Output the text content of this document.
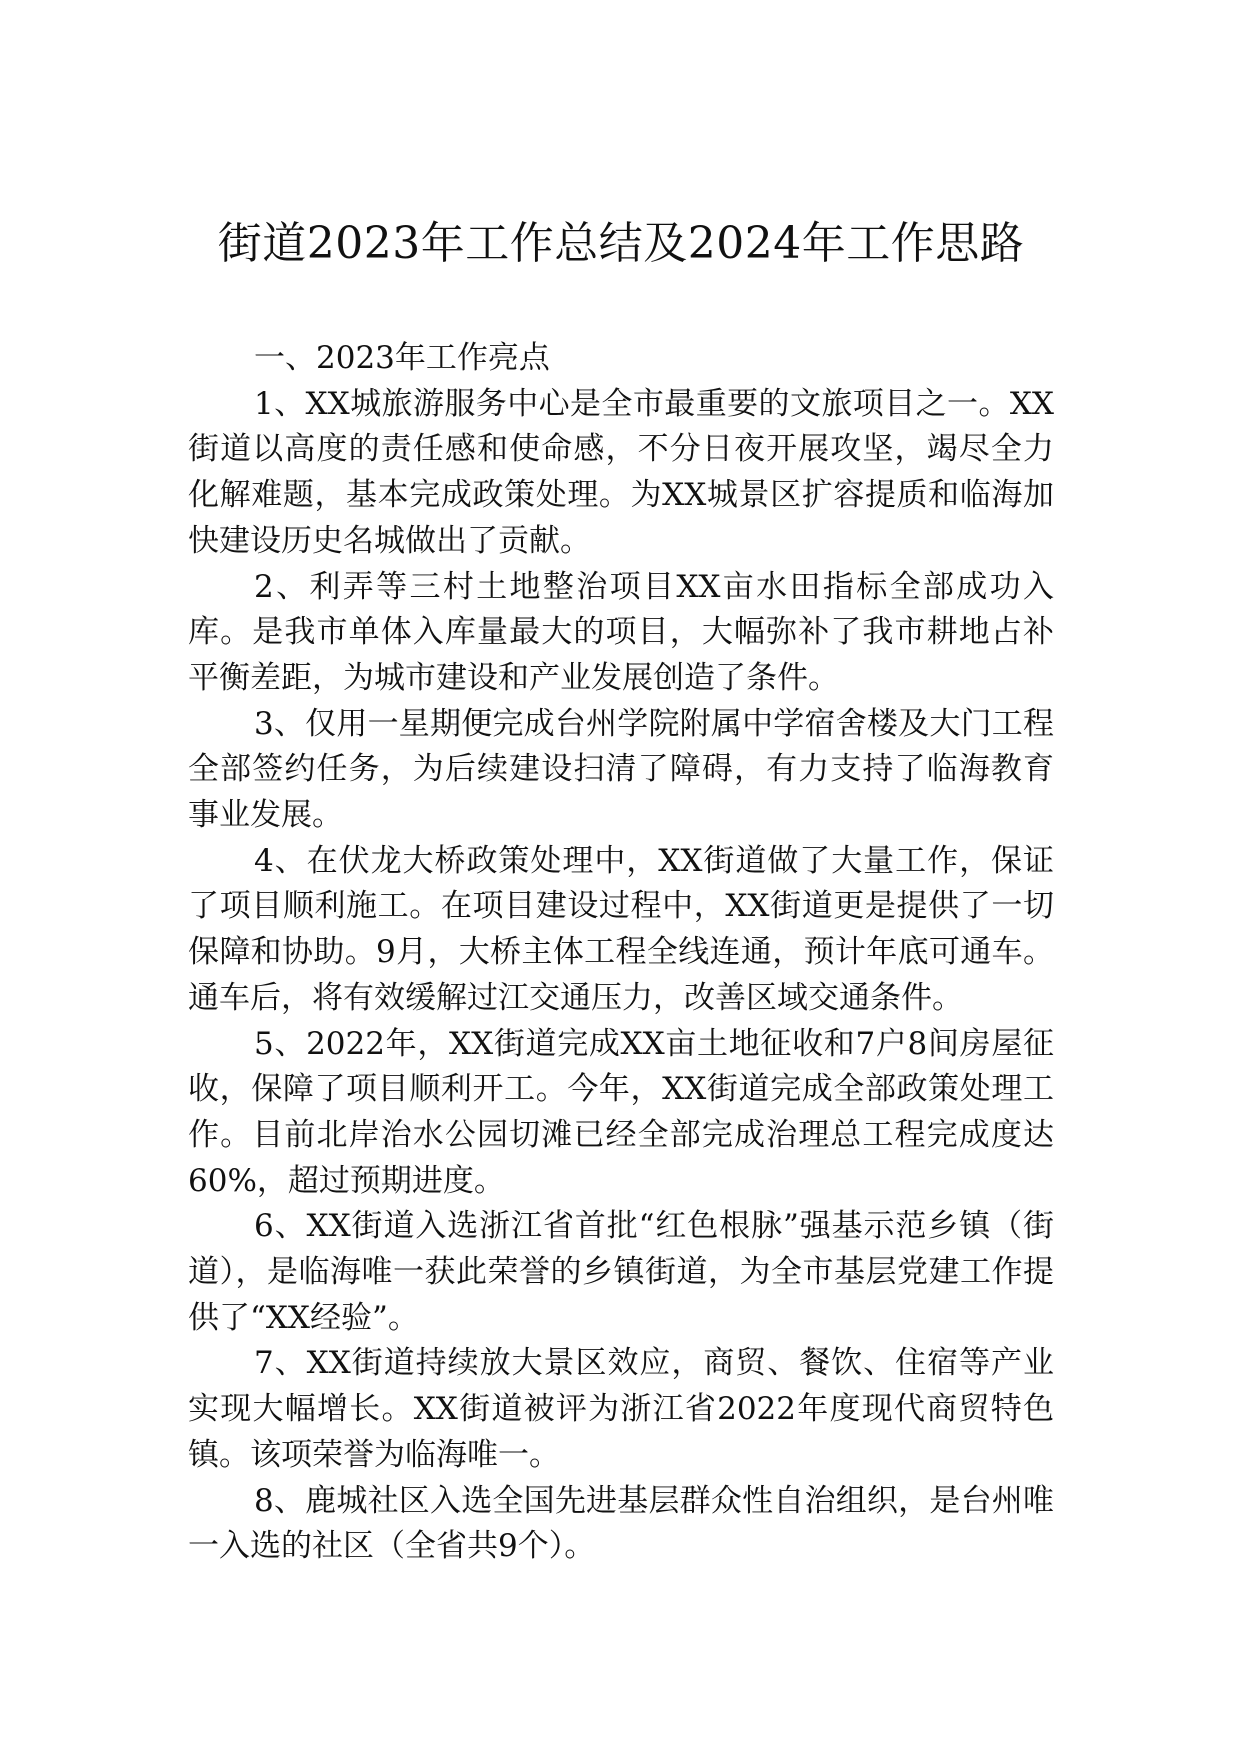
街道2023年工作总结及2024年工作思路

一、2023年工作亮点

1、XX城旅游服务中心是全市最重要的文旅项目之一。XX街道以高度的责任感和使命感，不分日夜开展攻坚，竭尽全力化解难题，基本完成政策处理。为XX城景区扩容提质和临海加快建设历史名城做出了贡献。

2、利弄等三村土地整治项目XX亩水田指标全部成功入库。是我市单体入库量最大的项目，大幅弥补了我市耕地占补平衡差距，为城市建设和产业发展创造了条件。

3、仅用一星期便完成台州学院附属中学宿舍楼及大门工程全部签约任务，为后续建设扫清了障碍，有力支持了临海教育事业发展。

4、在伏龙大桥政策处理中，XX街道做了大量工作，保证了项目顺利施工。在项目建设过程中，XX街道更是提供了一切保障和协助。9月，大桥主体工程全线连通，预计年底可通车。通车后，将有效缓解过江交通压力，改善区域交通条件。

5、2022年，XX街道完成XX亩土地征收和7户8间房屋征收，保障了项目顺利开工。今年，XX街道完成全部政策处理工作。目前北岸治水公园切滩已经全部完成治理总工程完成度达60%，超过预期进度。

6、XX街道入选浙江省首批“红色根脉”强基示范乡镇（街道），是临海唯一获此荣誉的乡镇街道，为全市基层党建工作提供了“XX经验”。

7、XX街道持续放大景区效应，商贸、餐饮、住宿等产业实现大幅增长。XX街道被评为浙江省2022年度现代商贸特色镇。该项荣誉为临海唯一。

8、鹿城社区入选全国先进基层群众性自治组织，是台州唯一入选的社区（全省共9个）。
